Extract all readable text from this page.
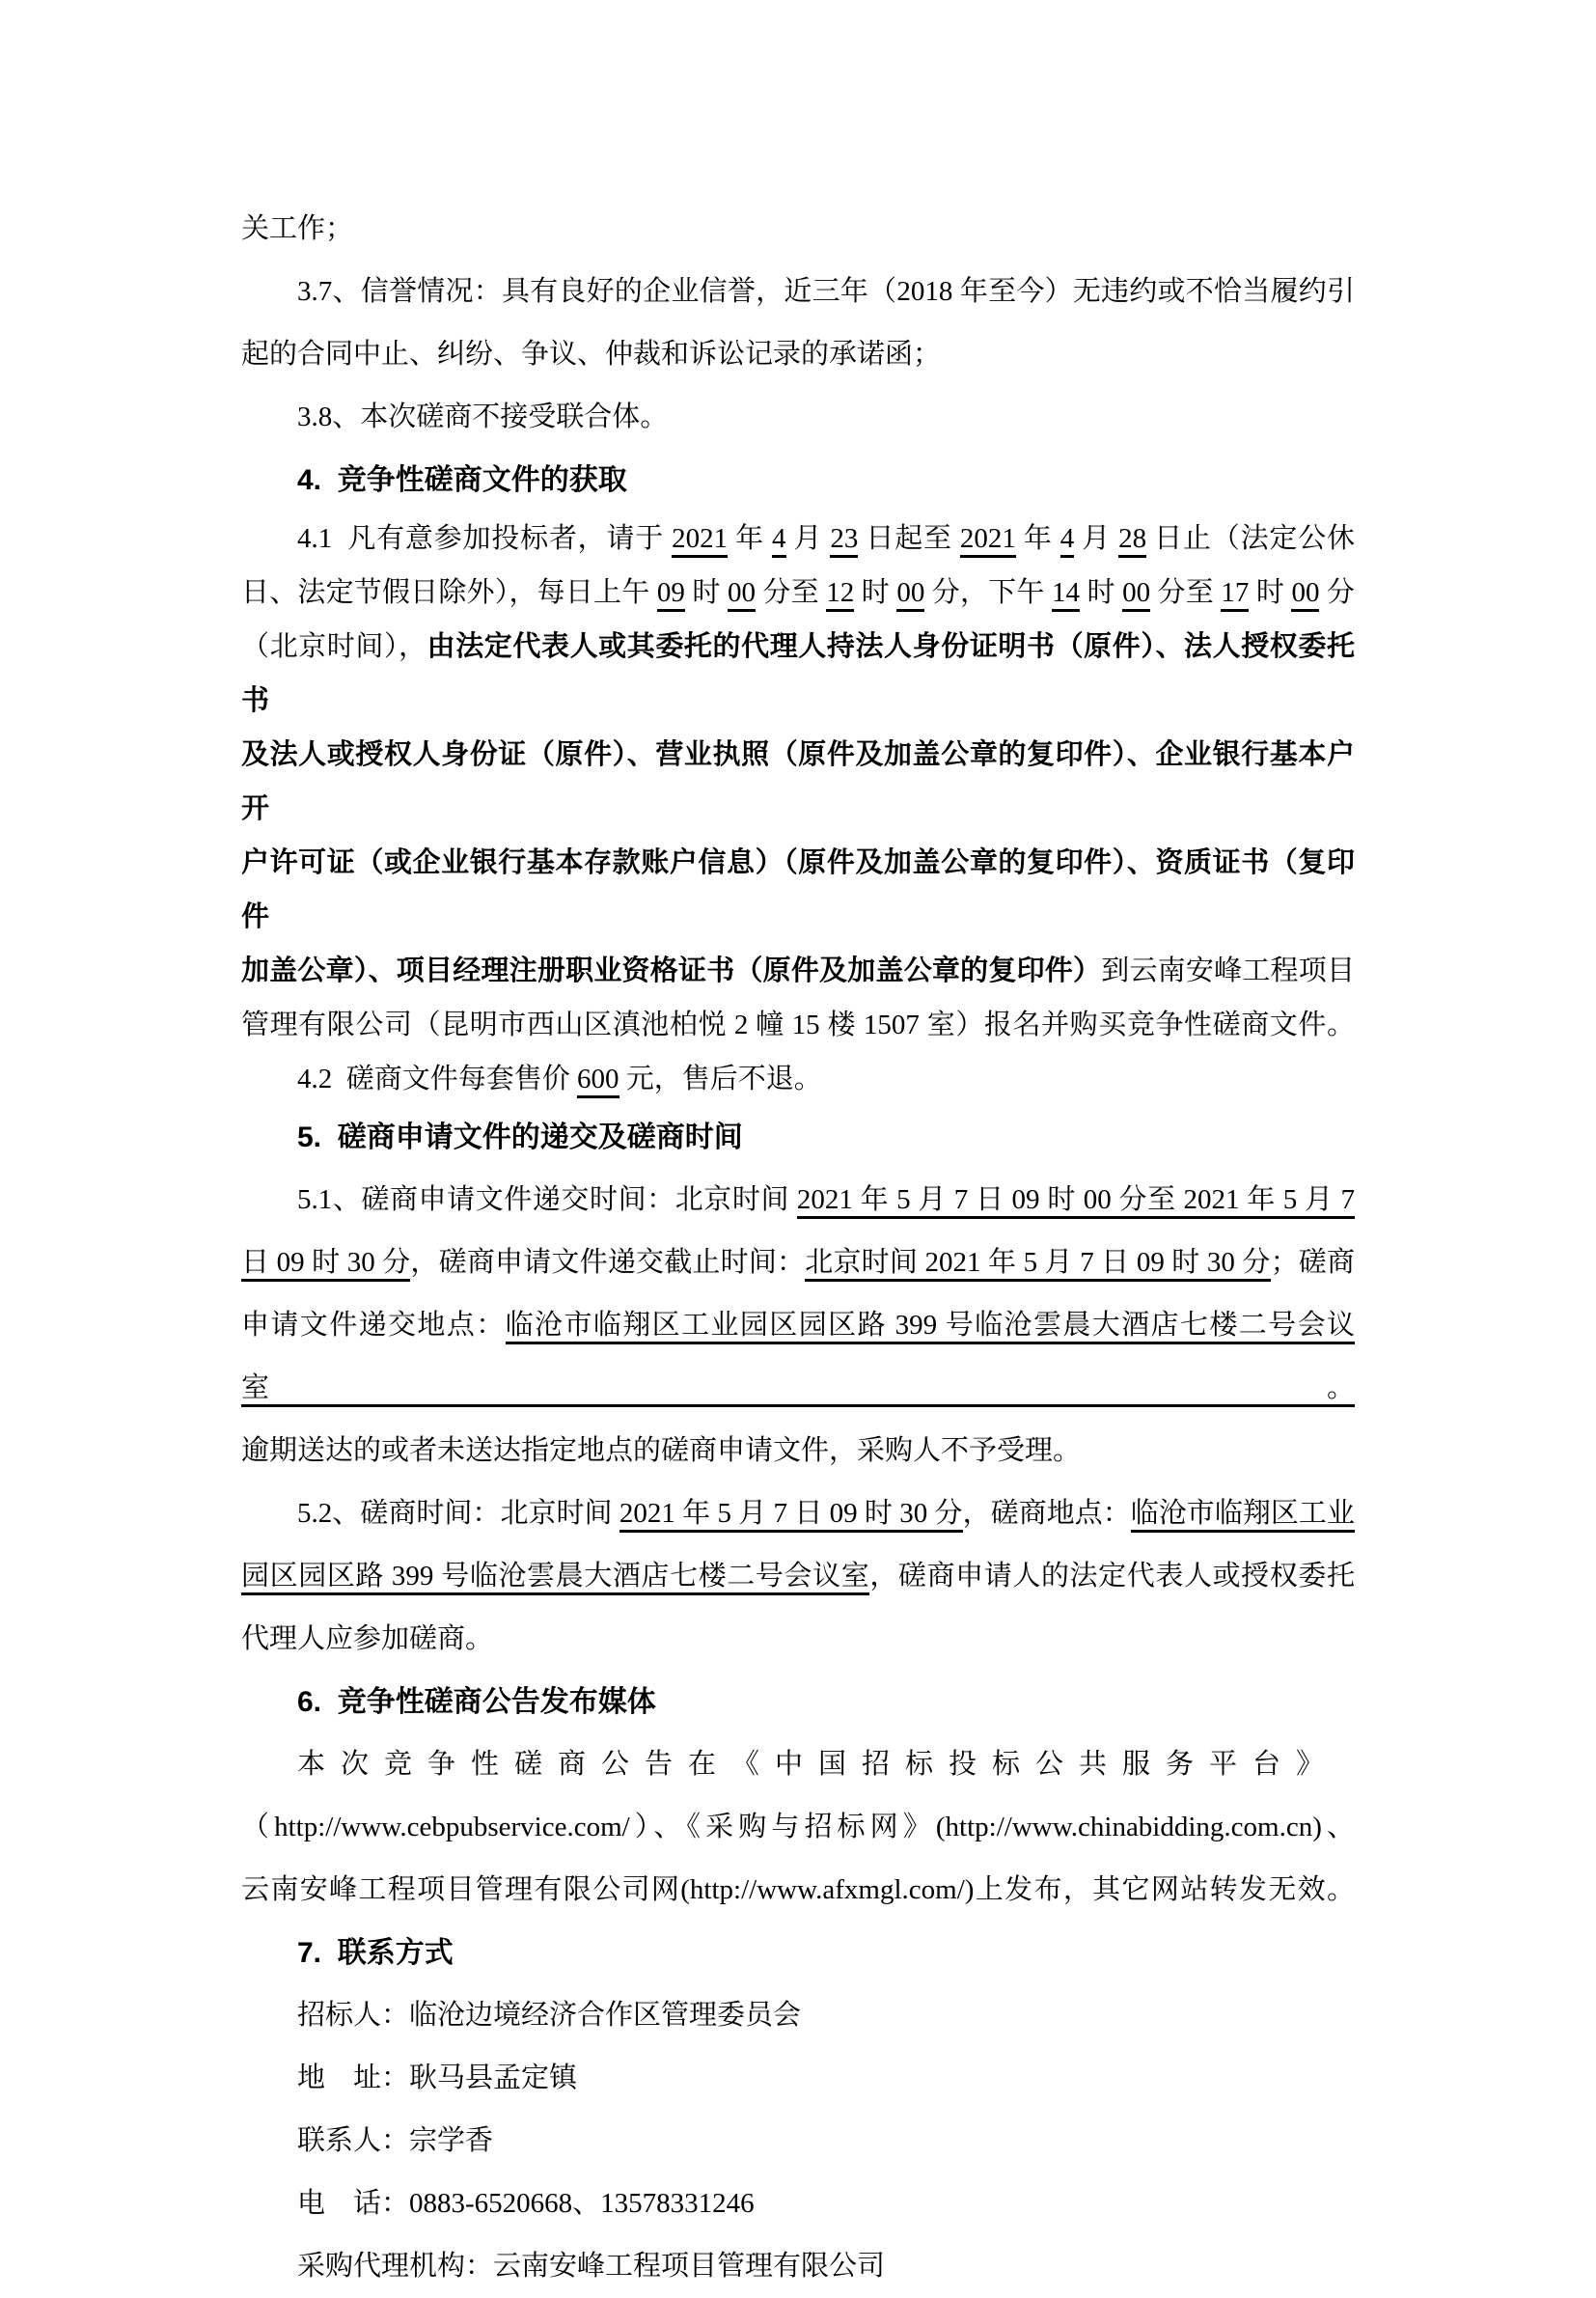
关工作；
3.7、信誉情况：具有良好的企业信誉，近三年（2018 年至今）无违约或不恰当履约引
起的合同中止、纠纷、争议、仲裁和诉讼记录的承诺函；
3.8、本次磋商不接受联合体。
4.  竞争性磋商文件的获取
4.1  凡有意参加投标者，请于 2021 年 4 月 23 日起至 2021 年 4 月 28 日止（法定公休
日、法定节假日除外），每日上午 09 时 00 分至 12 时 00 分，下午 14 时 00 分至 17 时 00 分
（北京时间），由法定代表人或其委托的代理人持法人身份证明书（原件）、法人授权委托书
及法人或授权人身份证（原件）、营业执照（原件及加盖公章的复印件）、企业银行基本户开
户许可证（或企业银行基本存款账户信息）（原件及加盖公章的复印件）、资质证书（复印件
加盖公章）、项目经理注册职业资格证书（原件及加盖公章的复印件）到云南安峰工程项目
管理有限公司（昆明市西山区滇池柏悦 2 幢 15 楼 1507 室）报名并购买竞争性磋商文件。
4.2  磋商文件每套售价 600 元，售后不退。
5.  磋商申请文件的递交及磋商时间
5.1、磋商申请文件递交时间：北京时间 2021 年 5 月 7 日 09 时 00 分至 2021 年 5 月 7
日 09 时 30 分，磋商申请文件递交截止时间：北京时间 2021 年 5 月 7 日 09 时 30 分；磋商
申请文件递交地点：临沧市临翔区工业园区园区路 399 号临沧雲晨大酒店七楼二号会议室。
逾期送达的或者未送达指定地点的磋商申请文件，采购人不予受理。
5.2、磋商时间：北京时间 2021 年 5 月 7 日 09 时 30 分，磋商地点：临沧市临翔区工业
园区园区路 399 号临沧雲晨大酒店七楼二号会议室，磋商申请人的法定代表人或授权委托
代理人应参加磋商。
6.  竞争性磋商公告发布媒体
本次竞争性磋商公告在《中国招标投标公共服务平台》
（http://www.cebpubservice.com/）、《采购与招标网》(http://www.chinabidding.com.cn)、
云南安峰工程项目管理有限公司网(http://www.afxmgl.com/)上发布，其它网站转发无效。
7.  联系方式
招标人：临沧边境经济合作区管理委员会
地　址：耿马县孟定镇
联系人：宗学香
电　话：0883-6520668、13578331246
采购代理机构：云南安峰工程项目管理有限公司
